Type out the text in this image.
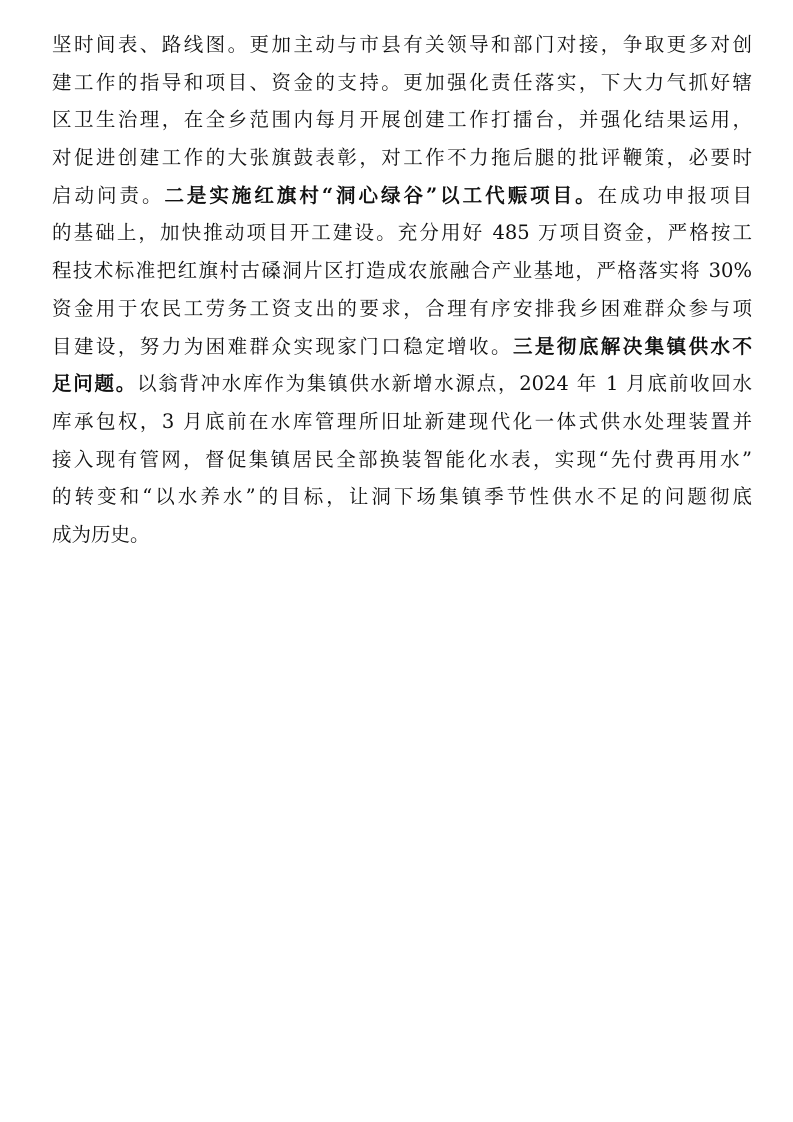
坚时间表、路线图。更加主动与市县有关领导和部门对接，争取更多对创
建工作的指导和项目、资金的支持。更加强化责任落实，下大力气抓好辖
区卫生治理，在全乡范围内每月开展创建工作打擂台，并强化结果运用，
对促进创建工作的大张旗鼓表彰，对工作不力拖后腿的批评鞭策，必要时
启动问责。二是实施红旗村“洞心绿谷”以工代赈项目。在成功申报项目
的基础上，加快推动项目开工建设。充分用好 485 万项目资金，严格按工
程技术标准把红旗村古磉洞片区打造成农旅融合产业基地，严格落实将 30%
资金用于农民工劳务工资支出的要求，合理有序安排我乡困难群众参与项
目建设，努力为困难群众实现家门口稳定增收。三是彻底解决集镇供水不
足问题。以翁背冲水库作为集镇供水新增水源点，2024 年 1 月底前收回水
库承包权，3 月底前在水库管理所旧址新建现代化一体式供水处理装置并
接入现有管网，督促集镇居民全部换装智能化水表，实现“先付费再用水”
的转变和“以水养水”的目标，让洞下场集镇季节性供水不足的问题彻底
成为历史。
